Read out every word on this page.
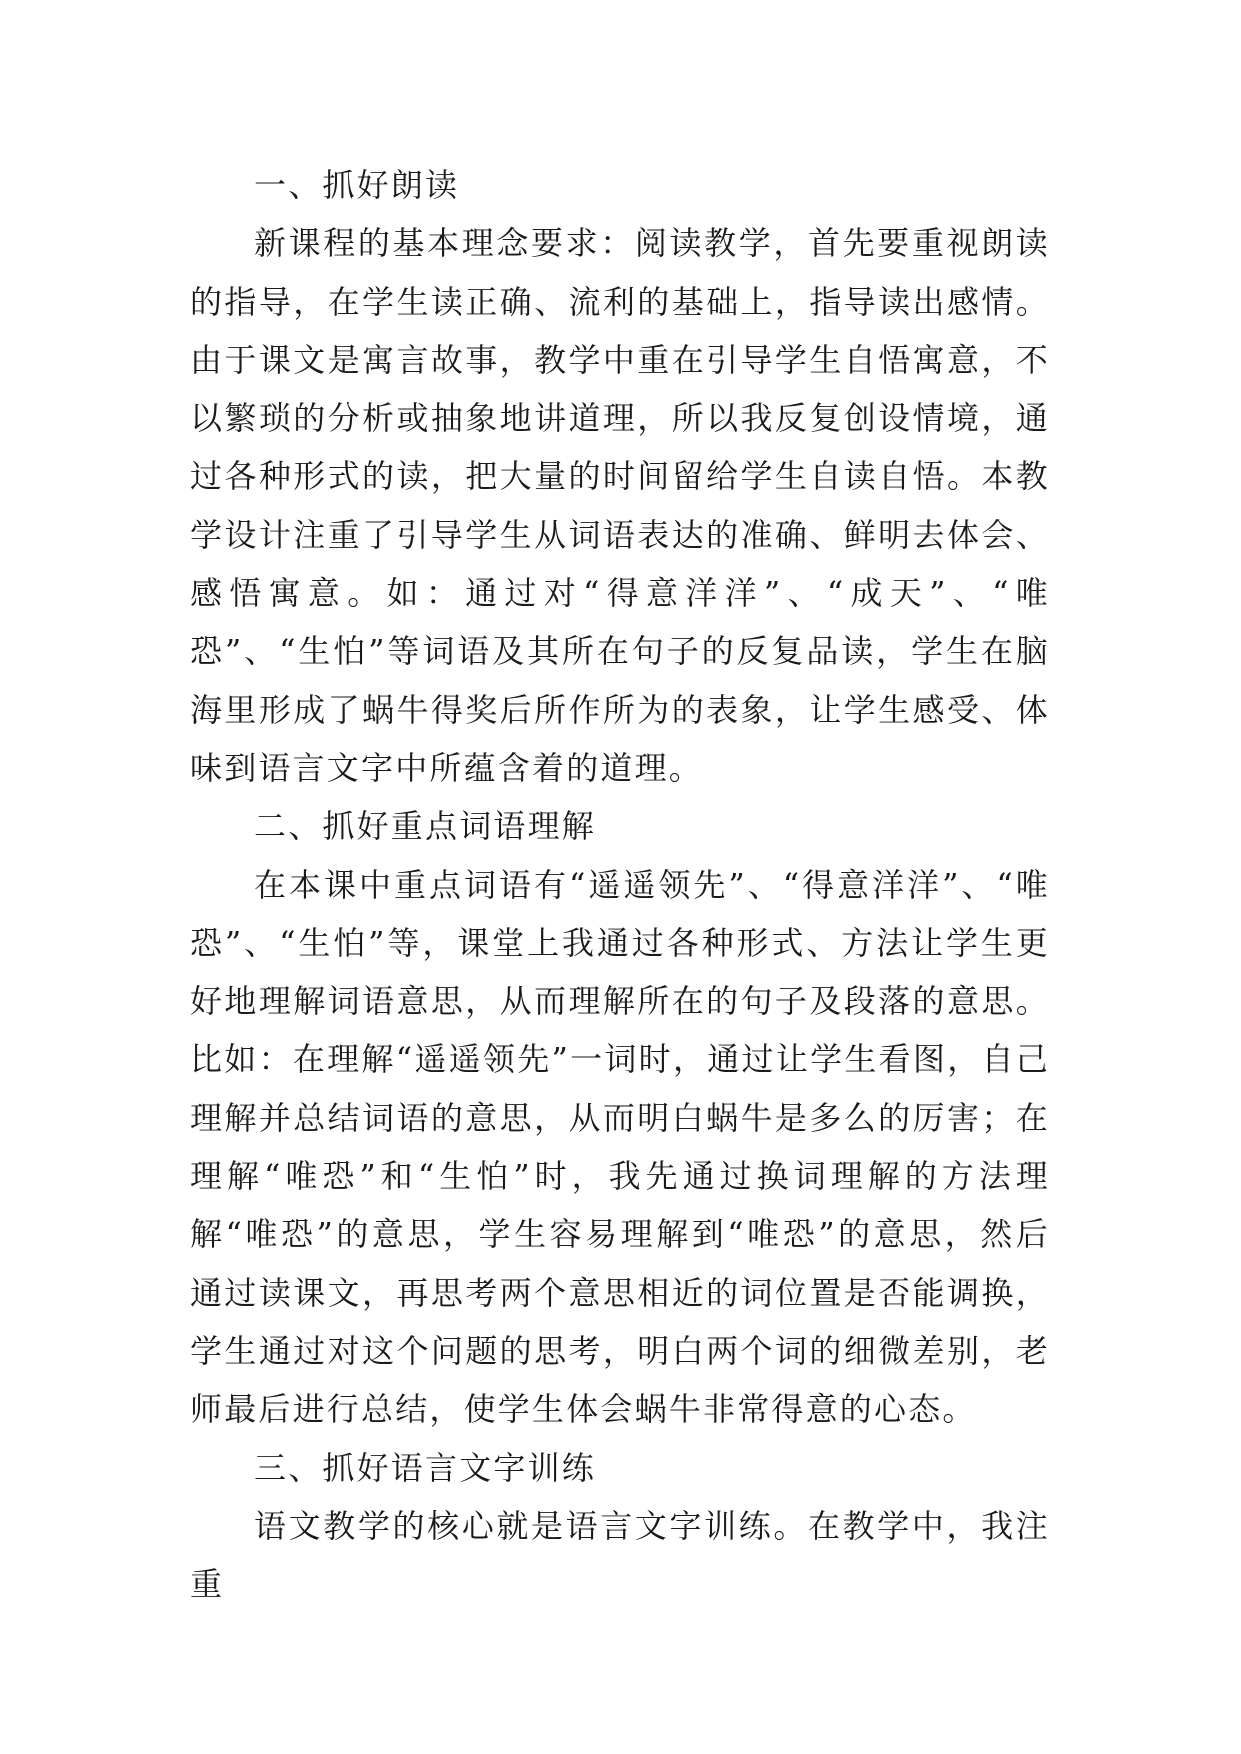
一、抓好朗读

新课程的基本理念要求：阅读教学，首先要重视朗读的指导，在学生读正确、流利的基础上，指导读出感情。由于课文是寓言故事，教学中重在引导学生自悟寓意，不以繁琐的分析或抽象地讲道理，所以我反复创设情境，通过各种形式的读，把大量的时间留给学生自读自悟。本教学设计注重了引导学生从词语表达的准确、鲜明去体会、感悟寓意。如：通过对“得意洋洋”、“成天”、“唯恐”、“生怕”等词语及其所在句子的反复品读，学生在脑海里形成了蜗牛得奖后所作所为的表象，让学生感受、体味到语言文字中所蕴含着的道理。

二、抓好重点词语理解

在本课中重点词语有“遥遥领先”、“得意洋洋”、“唯恐”、“生怕”等，课堂上我通过各种形式、方法让学生更好地理解词语意思，从而理解所在的句子及段落的意思。比如：在理解“遥遥领先”一词时，通过让学生看图，自己理解并总结词语的意思，从而明白蜗牛是多么的厉害；在理解“唯恐”和“生怕”时，我先通过换词理解的方法理解“唯恐”的意思，学生容易理解到“唯恐”的意思，然后通过读课文，再思考两个意思相近的词位置是否能调换，学生通过对这个问题的思考，明白两个词的细微差别，老师最后进行总结，使学生体会蜗牛非常得意的心态。

三、抓好语言文字训练

语文教学的核心就是语言文字训练。在教学中，我注重
